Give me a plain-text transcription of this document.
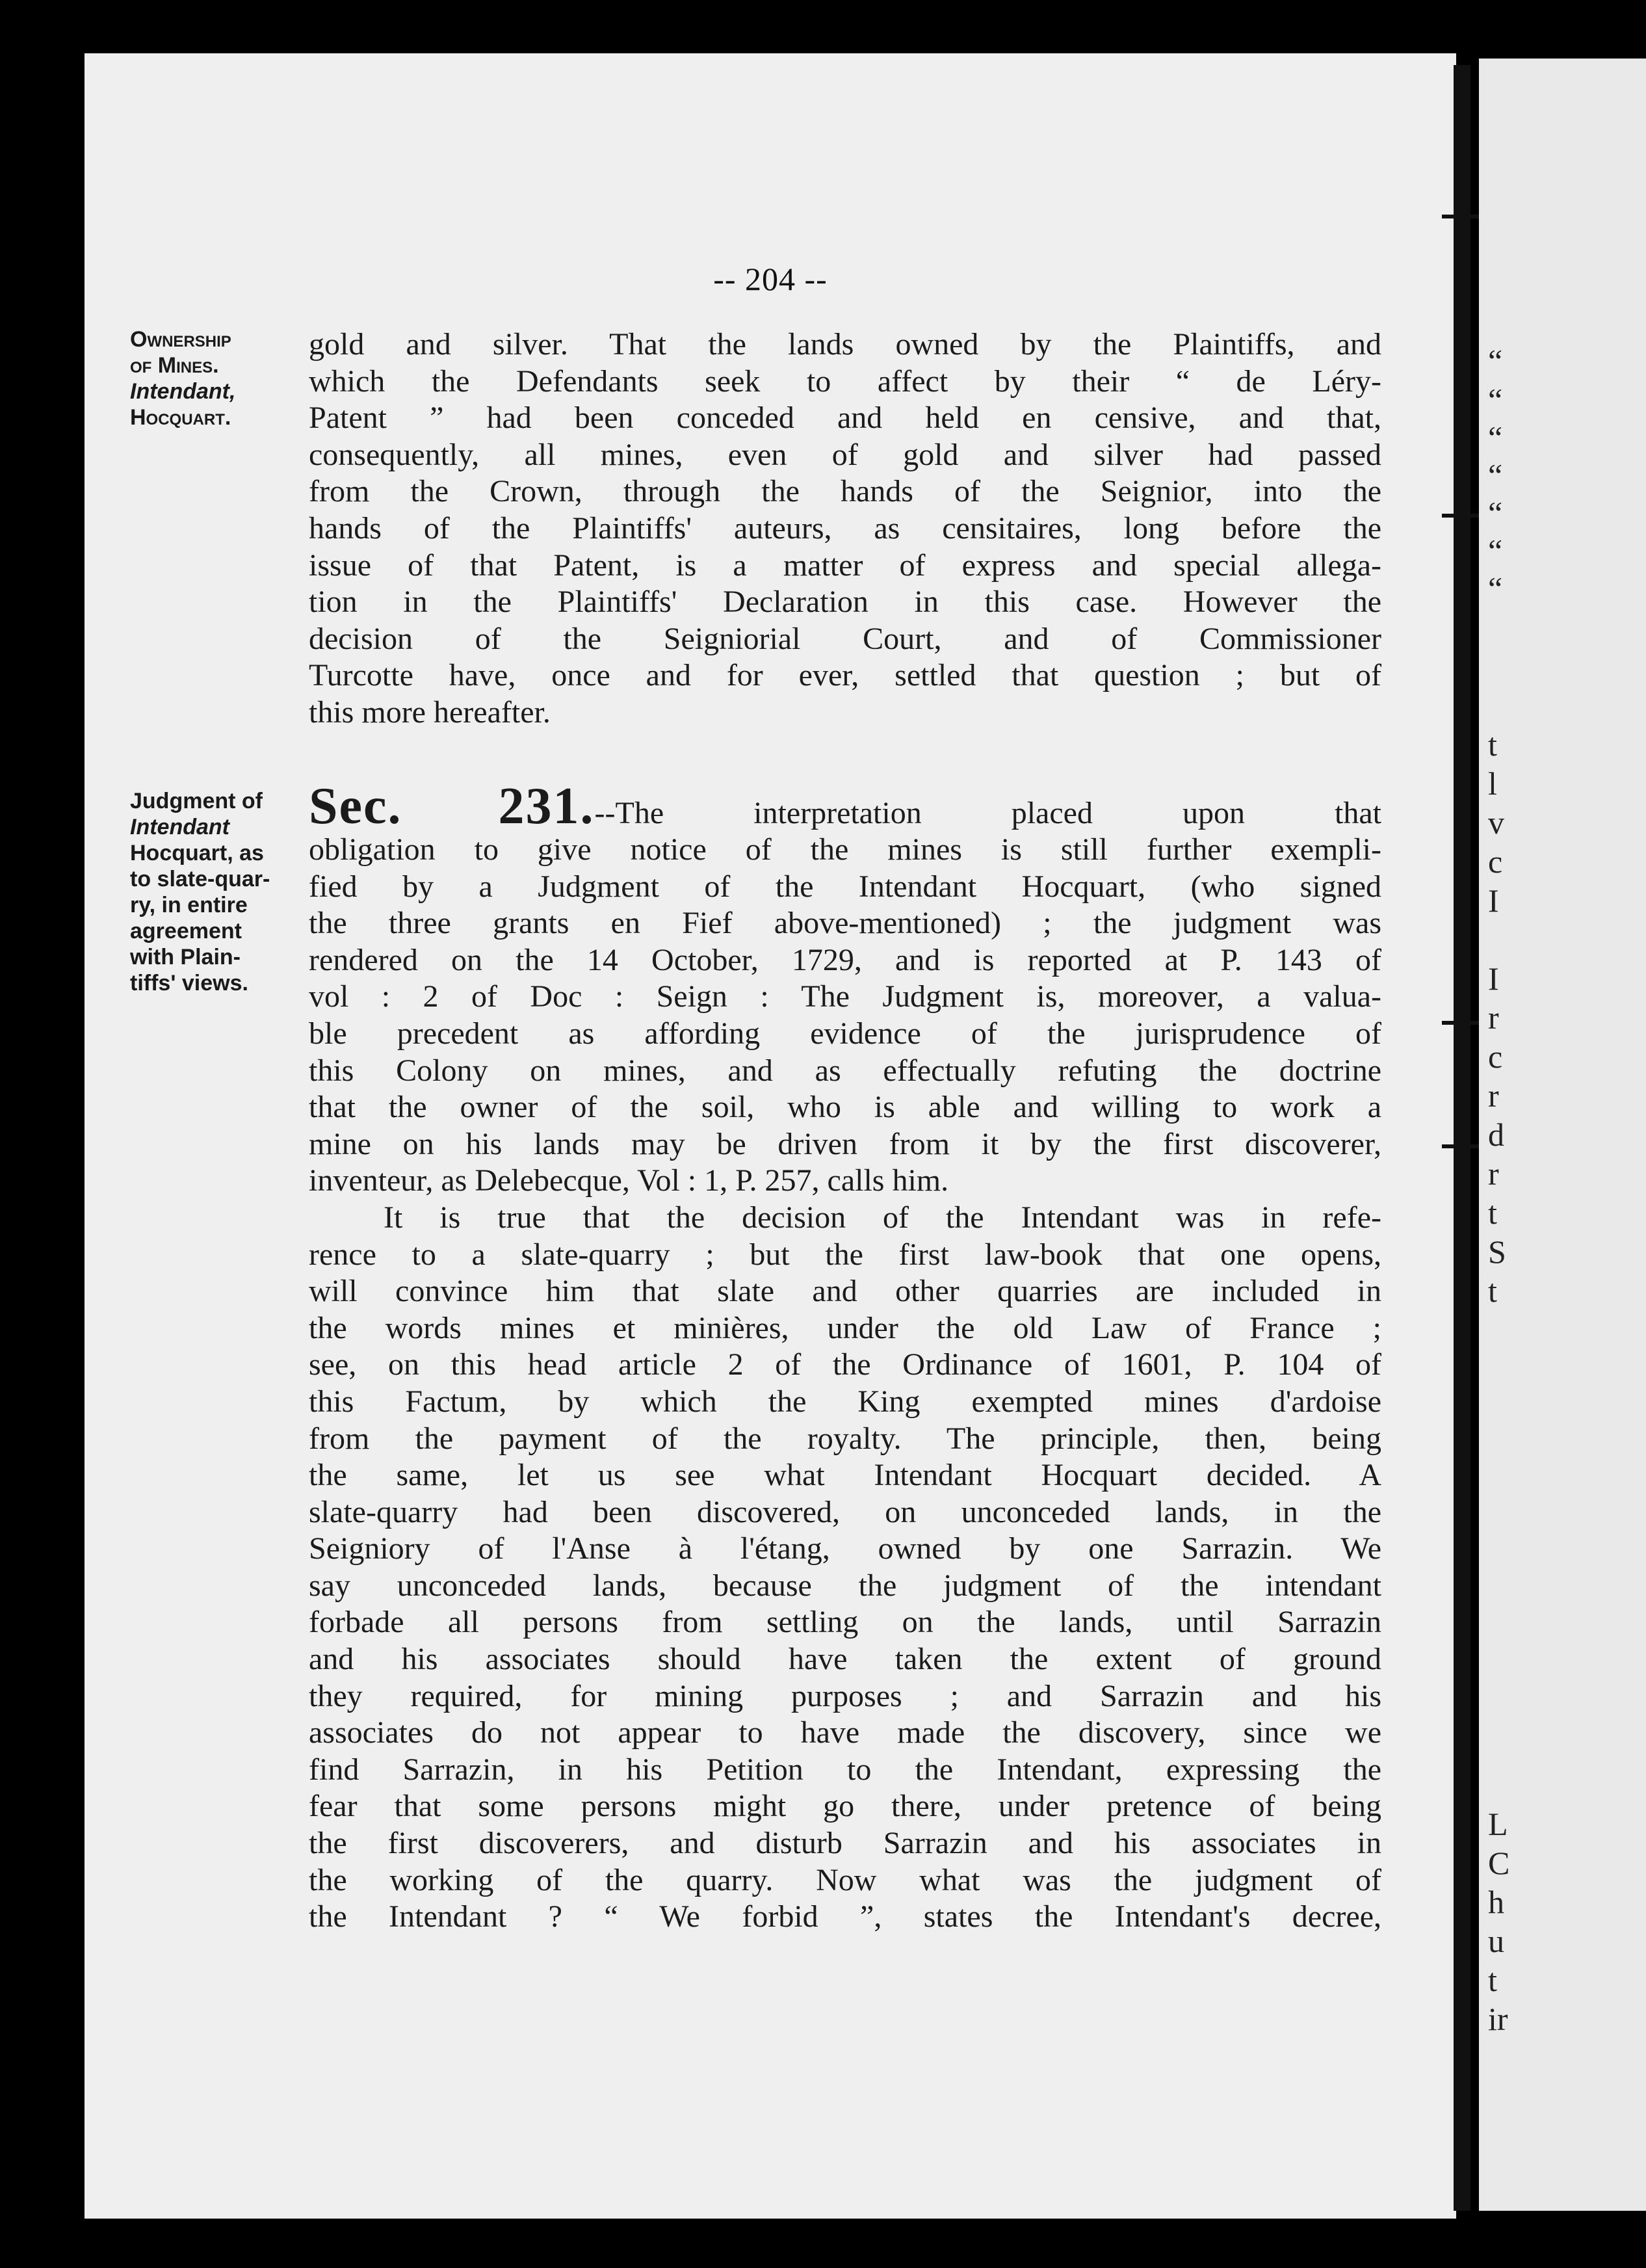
-- 204 --
Ownership
of Mines.
Intendant,
Hocquart.
Judgment of
Intendant
Hocquart, as
to slate-quar-
ry, in entire
agreement
with Plain-
tiffs' views.
gold and silver. That the lands owned by the Plaintiffs, and
which the Defendants seek to affect by their “ de Léry-
Patent ” had been conceded and held en censive, and that,
consequently, all mines, even of gold and silver had passed
from the Crown, through the hands of the Seignior, into the
hands of the Plaintiffs' auteurs, as censitaires, long before the
issue of that Patent, is a matter of express and special allega-
tion in the Plaintiffs' Declaration in this case. However the
decision of the Seigniorial Court, and of Commissioner
Turcotte have, once and for ever, settled that question ; but of
this more hereafter.
Sec. 231.--The interpretation placed upon that
obligation to give notice of the mines is still further exempli-
fied by a Judgment of the Intendant Hocquart, (who signed
the three grants en Fief above-mentioned) ; the judgment was
rendered on the 14 October, 1729, and is reported at P. 143 of
vol : 2 of Doc : Seign : The Judgment is, moreover, a valua-
ble precedent as affording evidence of the jurisprudence of
this Colony on mines, and as effectually refuting the doctrine
that the owner of the soil, who is able and willing to work a
mine on his lands may be driven from it by the first discoverer,
inventeur, as Delebecque, Vol : 1, P. 257, calls him.
It is true that the decision of the Intendant was in refe-
rence to a slate-quarry ; but the first law-book that one opens,
will convince him that slate and other quarries are included in
the words mines et minières, under the old Law of France ;
see, on this head article 2 of the Ordinance of 1601, P. 104 of
this Factum, by which the King exempted mines d'ardoise
from the payment of the royalty. The principle, then, being
the same, let us see what Intendant Hocquart decided. A
slate-quarry had been discovered, on unconceded lands, in the
Seigniory of l'Anse à l'étang, owned by one Sarrazin. We
say unconceded lands, because the judgment of the intendant
forbade all persons from settling on the lands, until Sarrazin
and his associates should have taken the extent of ground
they required, for mining purposes ; and Sarrazin and his
associates do not appear to have made the discovery, since we
find Sarrazin, in his Petition to the Intendant, expressing the
fear that some persons might go there, under pretence of being
the first discoverers, and disturb Sarrazin and his associates in
the working of the quarry. Now what was the judgment of
the Intendant ? “ We forbid ”, states the Intendant's decree,
“
“
“
“
“
“
“
t
l
v
c
I
I
r
c
r
d
r
t
S
t
L
C
h
u
t
ir
